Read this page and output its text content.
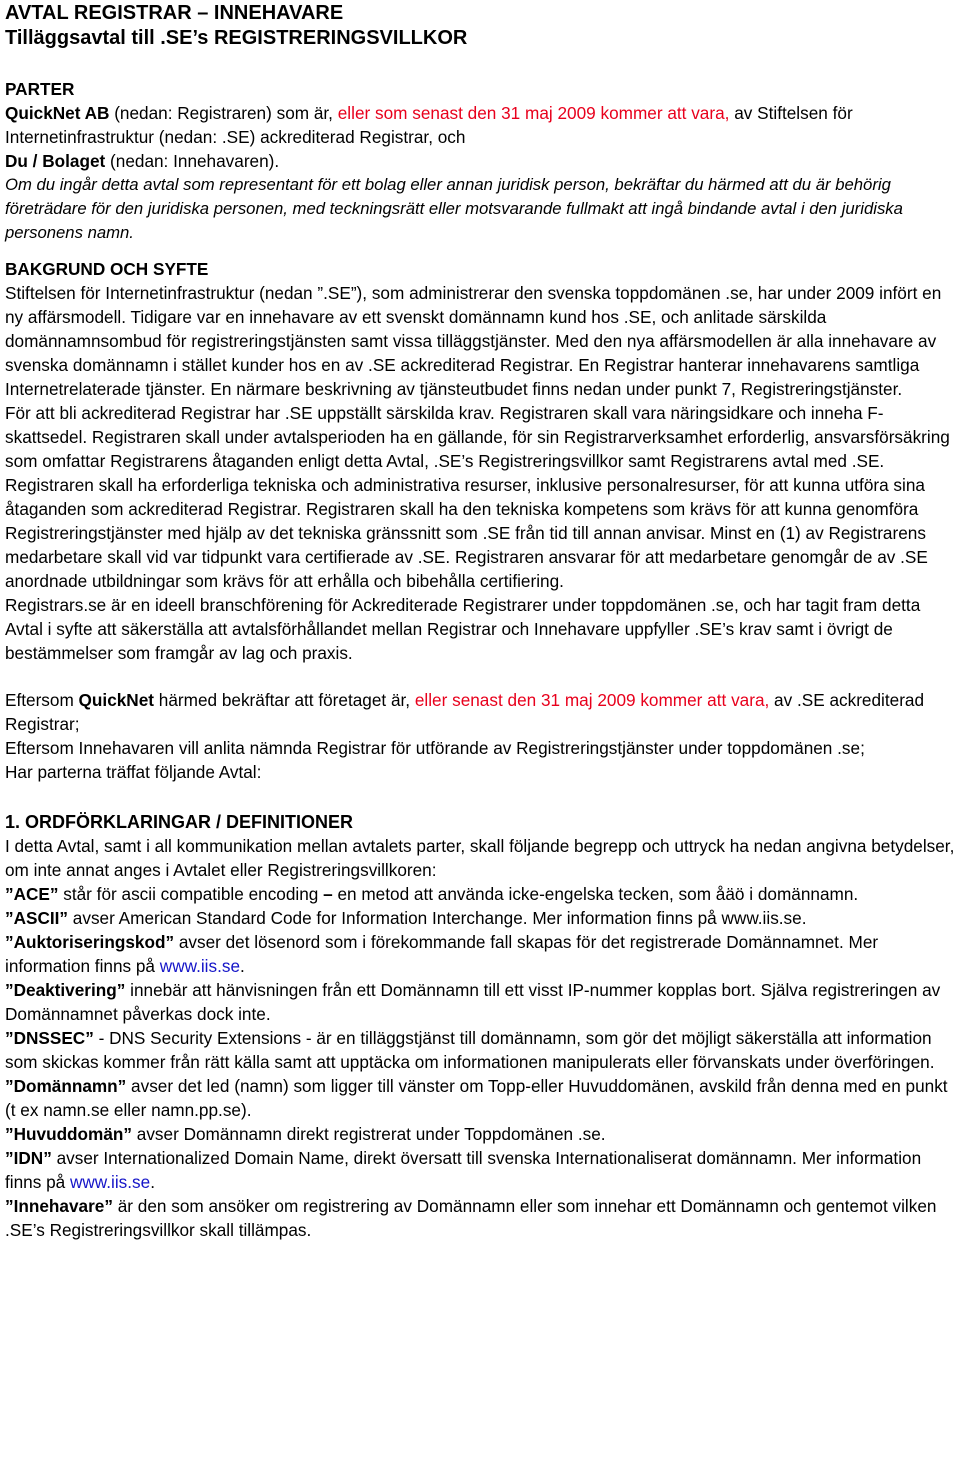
AVTAL REGISTRAR – INNEHAVARE

Tilläggsavtal till .SE’s REGISTRERINGSVILLKOR

PARTER

QuickNet AB (nedan: Registraren) som är, eller som senast den 31 maj 2009 kommer att vara, av Stiftelsen för Internetinfrastruktur (nedan: .SE) ackrediterad Registrar, och

Du / Bolaget (nedan: Innehavaren).

Om du ingår detta avtal som representant för ett bolag eller annan juridisk person, bekräftar du härmed att du är behörig företrädare för den juridiska personen, med teckningsrätt eller motsvarande fullmakt att ingå bindande avtal i den juridiska personens namn.

BAKGRUND OCH SYFTE

Stiftelsen för Internetinfrastruktur (nedan ”.SE”), som administrerar den svenska toppdomänen .se, har under 2009 infört en ny affärsmodell. Tidigare var en innehavare av ett svenskt domännamn kund hos .SE, och anlitade särskilda domännamnsombud för registreringstjänsten samt vissa tilläggstjänster. Med den nya affärsmodellen är alla innehavare av svenska domännamn i stället kunder hos en av .SE ackrediterad Registrar. En Registrar hanterar innehavarens samtliga Internetrelaterade tjänster. En närmare beskrivning av tjänsteutbudet finns nedan under punkt 7, Registreringstjänster.

För att bli ackrediterad Registrar har .SE uppställt särskilda krav. Registraren skall vara näringsidkare och inneha F-skattsedel. Registraren skall under avtalsperioden ha en gällande, för sin Registrarverksamhet erforderlig, ansvarsförsäkring som omfattar Registrarens åtaganden enligt detta Avtal, .SE’s Registreringsvillkor samt Registrarens avtal med .SE. Registraren skall ha erforderliga tekniska och administrativa resurser, inklusive personalresurser, för att kunna utföra sina åtaganden som ackrediterad Registrar. Registraren skall ha den tekniska kompetens som krävs för att kunna genomföra Registreringstjänster med hjälp av det tekniska gränssnitt som .SE från tid till annan anvisar. Minst en (1) av Registrarens medarbetare skall vid var tidpunkt vara certifierade av .SE. Registraren ansvarar för att medarbetare genomgår de av .SE anordnade utbildningar som krävs för att erhålla och bibehålla certifiering.

Registrars.se är en ideell branschförening för Ackrediterade Registrarer under toppdomänen .se, och har tagit fram detta Avtal i syfte att säkerställa att avtalsförhållandet mellan Registrar och Innehavare uppfyller .SE’s krav samt i övrigt de bestämmelser som framgår av lag och praxis.

Eftersom QuickNet härmed bekräftar att företaget är, eller senast den 31 maj 2009 kommer att vara, av .SE ackrediterad Registrar;

Eftersom Innehavaren vill anlita nämnda Registrar för utförande av Registreringstjänster under toppdomänen .se;

Har parterna träffat följande Avtal:

1. ORDFÖRKLARINGAR / DEFINITIONER

I detta Avtal, samt i all kommunikation mellan avtalets parter, skall följande begrepp och uttryck ha nedan angivna betydelser, om inte annat anges i Avtalet eller Registreringsvillkoren:

”ACE” står för ascii compatible encoding – en metod att använda icke-engelska tecken, som åäö i domännamn.

”ASCII” avser American Standard Code for Information Interchange. Mer information finns på www.iis.se.

”Auktoriseringskod” avser det lösenord som i förekommande fall skapas för det registrerade Domännamnet. Mer information finns på www.iis.se.

”Deaktivering” innebär att hänvisningen från ett Domännamn till ett visst IP-nummer kopplas bort. Själva registreringen av Domännamnet påverkas dock inte.

”DNSSEC” - DNS Security Extensions - är en tilläggstjänst till domännamn, som gör det möjligt säkerställa att information som skickas kommer från rätt källa samt att upptäcka om informationen manipulerats eller förvanskats under överföringen.

”Domännamn” avser det led (namn) som ligger till vänster om Topp-eller Huvuddomänen, avskild från denna med en punkt (t ex namn.se eller namn.pp.se).

”Huvuddomän” avser Domännamn direkt registrerat under Toppdomänen .se.

”IDN” avser Internationalized Domain Name, direkt översatt till svenska Internationaliserat domännamn. Mer information finns på www.iis.se.

”Innehavare” är den som ansöker om registrering av Domännamn eller som innehar ett Domännamn och gentemot vilken .SE’s Registreringsvillkor skall tillämpas.
